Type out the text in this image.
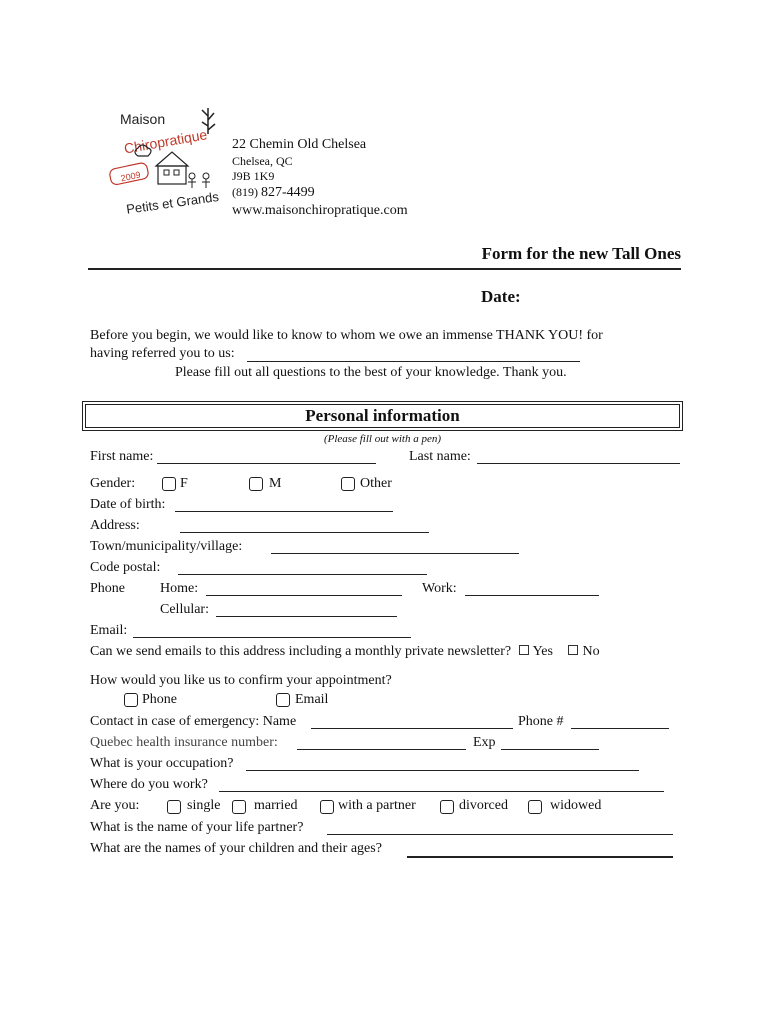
Maison
Chiropratique
2009
Petits et Grands
22 Chemin Old Chelsea
Chelsea, QC
J9B 1K9
(819) 827-4499
www.maisonchiropratique.com
Form for the new Tall Ones
Date:
Before you begin, we would like to know to whom we owe an immense THANK YOU! for
having referred you to us:
Please fill out all questions to the best of your knowledge. Thank you.
Personal information
(Please fill out with a pen)
First name:	Last name:
Gender:	F	M	Other
Date of birth:
Address:
Town/municipality/village:
Code postal:
Phone	Home:	Work:
Cellular:
Email:
Can we send emails to this address including a monthly private newsletter? Yes No
How would you like us to confirm your appointment?
Phone	Email
Contact in case of emergency: Name	Phone #
Quebec health insurance number:	Exp
What is your occupation?
Where do you work?
Are you:	single married	with a partner	divorced	widowed
What is the name of your life partner?
What are the names of your children and their ages?
